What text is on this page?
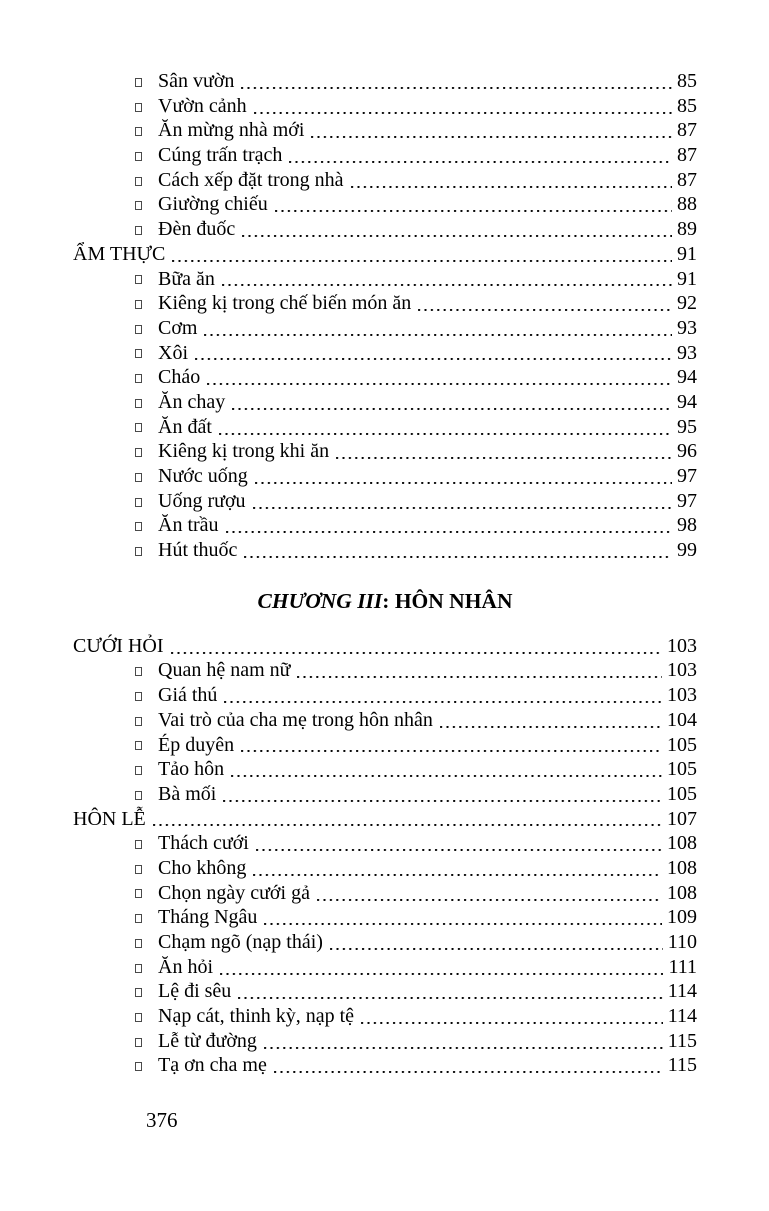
Sân vườn	85
Vườn cảnh	85
Ăn mừng nhà mới	87
Cúng trấn trạch	87
Cách xếp đặt trong nhà	87
Giường chiếu	88
Đèn đuốc	89
ẨM THỰC	91
Bữa ăn	91
Kiêng kị trong chế biến món ăn	92
Cơm	93
Xôi	93
Cháo	94
Ăn chay	94
Ăn đất	95
Kiêng kị trong khi ăn	96
Nước uống	97
Uống rượu	97
Ăn trầu	98
Hút thuốc	99
CHƯƠNG III: HÔN NHÂN
CƯỚI HỎI	103
Quan hệ nam nữ	103
Giá thú	103
Vai trò của cha mẹ trong hôn nhân	104
Ép duyên	105
Tảo hôn	105
Bà mối	105
HÔN LỄ	107
Thách cưới	108
Cho không	108
Chọn ngày cưới gả	108
Tháng Ngâu	109
Chạm ngõ (nạp thái)	110
Ăn hỏi	111
Lệ đi sêu	114
Nạp cát, thinh kỳ, nạp tệ	114
Lễ từ đường	115
Tạ ơn cha mẹ	115
376
